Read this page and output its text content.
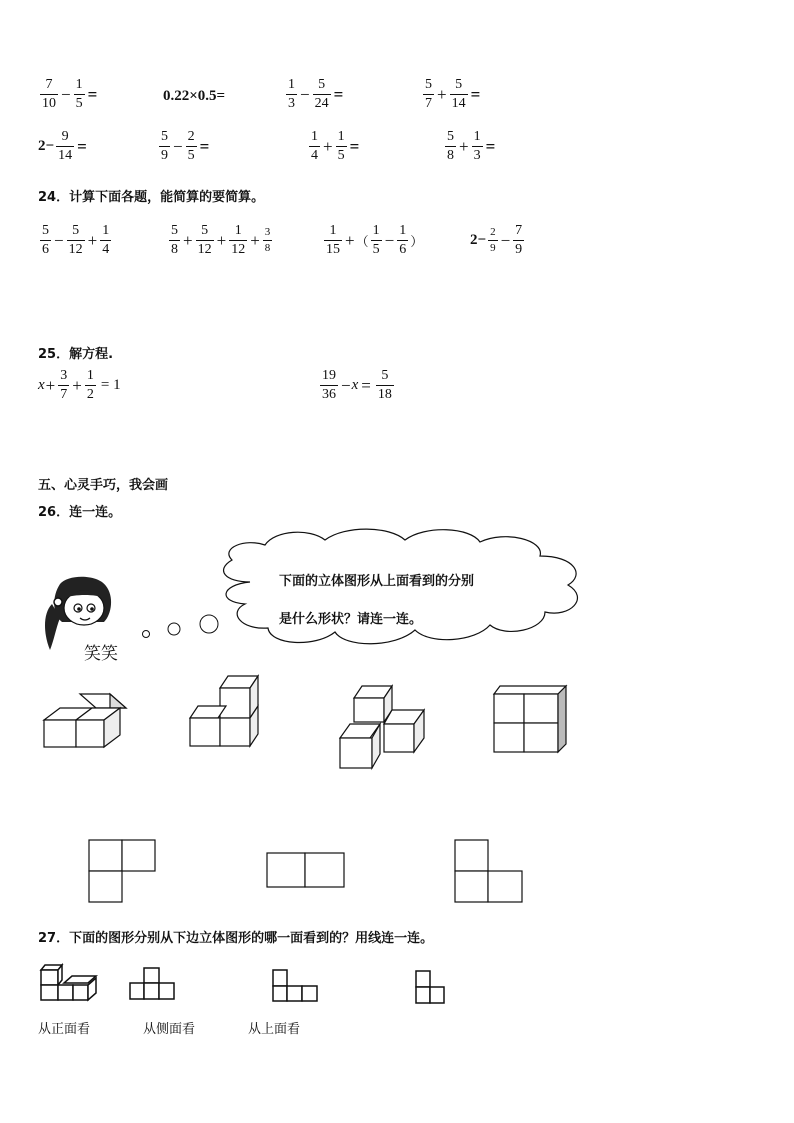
$\frac{7}{10} - \frac{1}{5}$ =	0.22×0.5=	$\frac{1}{3} - \frac{5}{24}$ =	$\frac{5}{7} + \frac{5}{14}$ =
$2- \frac{9}{14}$ =	$\frac{5}{9} - \frac{2}{5}$ =	$\frac{1}{4} + \frac{1}{5}$ =	$\frac{5}{8} + \frac{1}{3}$ =
24．计算下面各题，能简算的要简算。
$\frac{5}{6} - \frac{5}{12} + \frac{1}{4}$	$\frac{5}{8} + \frac{5}{12} + \frac{1}{12} + \frac{3}{8}$	$\frac{1}{15}$ + （ $\frac{1}{5} - \frac{1}{6}$ ）	$2- \frac{2}{9} - \frac{7}{9}$
25．解方程.
$x + \frac{3}{7} + \frac{1}{2} = 1$	$\frac{19}{36} - x = \frac{5}{18}$
五、心灵手巧，我会画
26．连一连。
下面的立体图形从上面看到的分别
是什么形状？请连一连。
笑笑
27．下面的图形分别从下边立体图形的哪一面看到的？用线连一连。
从正面看	从侧面看	从上面看
